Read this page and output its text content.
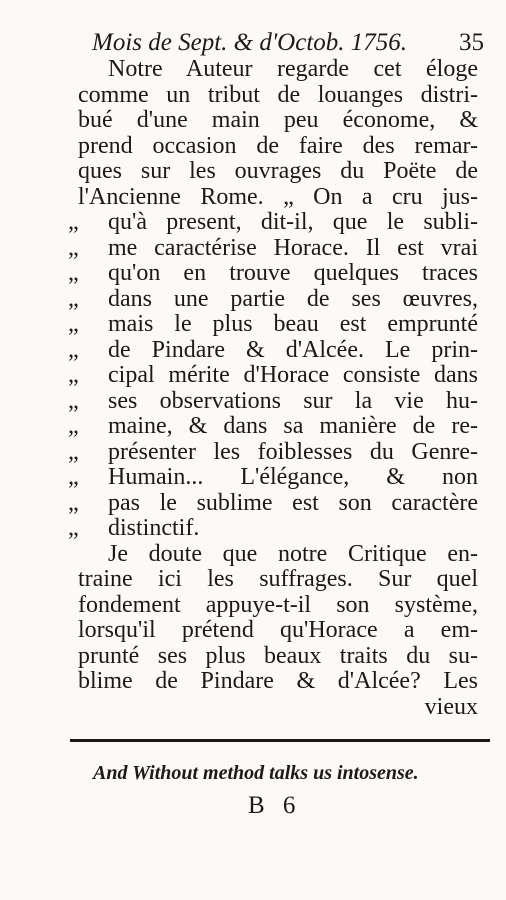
Mois de Sept. & d'Octob. 1756. 35
Notre Auteur regarde cet éloge
comme un tribut de louanges distri-
bué d'une main peu économe, &
prend occasion de faire des remar-
ques sur les ouvrages du Poëte de
l'Ancienne Rome. „ On a cru jus-
„ qu'à present, dit-il, que le subli-
„ me caractérise Horace. Il est vrai
„ qu'on en trouve quelques traces
„ dans une partie de ses œuvres,
„ mais le plus beau est emprunté
„ de Pindare & d'Alcée. Le prin-
„ cipal mérite d'Horace consiste dans
„ ses observations sur la vie hu-
„ maine, & dans sa manière de re-
„ présenter les foiblesses du Genre-
„ Humain... L'élégance, & non
„ pas le sublime est son caractère
„ distinctif.
Je doute que notre Critique en-
traine ici les suffrages. Sur quel
fondement appuye-t-il son système,
lorsqu'il prétend qu'Horace a em-
prunté ses plus beaux traits du su-
blime de Pindare & d'Alcée? Les
vieux
And Without method talks us intosense.
B 6
